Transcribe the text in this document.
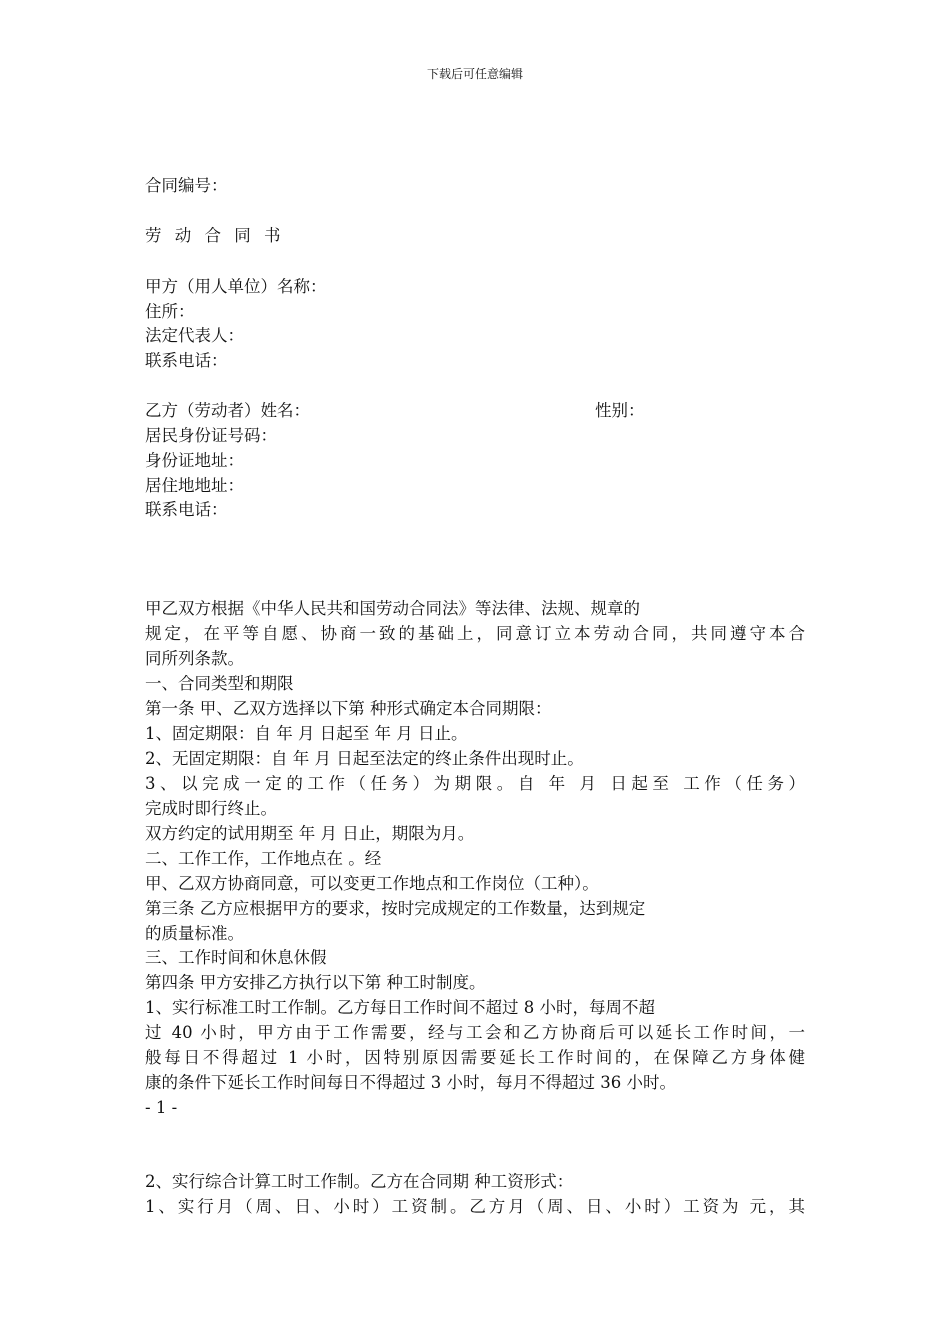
下载后可任意编辑

合同编号：

劳 动 合 同 书

甲方（用人单位）名称：

住所：

法定代表人：

联系电话：

乙方（劳动者）姓名：	性别：

居民身份证号码：

身份证地址：

居住地地址：

联系电话：

甲乙双方根据《中华人民共和国劳动合同法》等法律、法规、规章的

规定，在平等自愿、协商一致的基础上，同意订立本劳动合同，共同遵守本合

同所列条款。

一、合同类型和期限

第一条 甲、乙双方选择以下第 种形式确定本合同期限：

1、固定期限：自 年 月 日起至 年 月 日止。

2、无固定期限：自 年 月 日起至法定的终止条件出现时止。

3、以完成一定的工作（任务）为期限。自 年 月 日起至 工作（任务）

完成时即行终止。

双方约定的试用期至 年 月 日止，期限为月。

二、工作工作，工作地点在 。经

甲、乙双方协商同意，可以变更工作地点和工作岗位（工种）。

第三条 乙方应根据甲方的要求，按时完成规定的工作数量，达到规定

的质量标准。

三、工作时间和休息休假

第四条 甲方安排乙方执行以下第 种工时制度。

1、实行标准工时工作制。乙方每日工作时间不超过 8 小时，每周不超

过 40 小时，甲方由于工作需要，经与工会和乙方协商后可以延长工作时间，一

般每日不得超过 1 小时，因特别原因需要延长工作时间的，在保障乙方身体健

康的条件下延长工作时间每日不得超过 3 小时，每月不得超过 36 小时。

- 1 -

2、实行综合计算工时工作制。乙方在合同期 种工资形式：

1、实行月（周、日、小时）工资制。乙方月（周、日、小时）工资为 元，其
